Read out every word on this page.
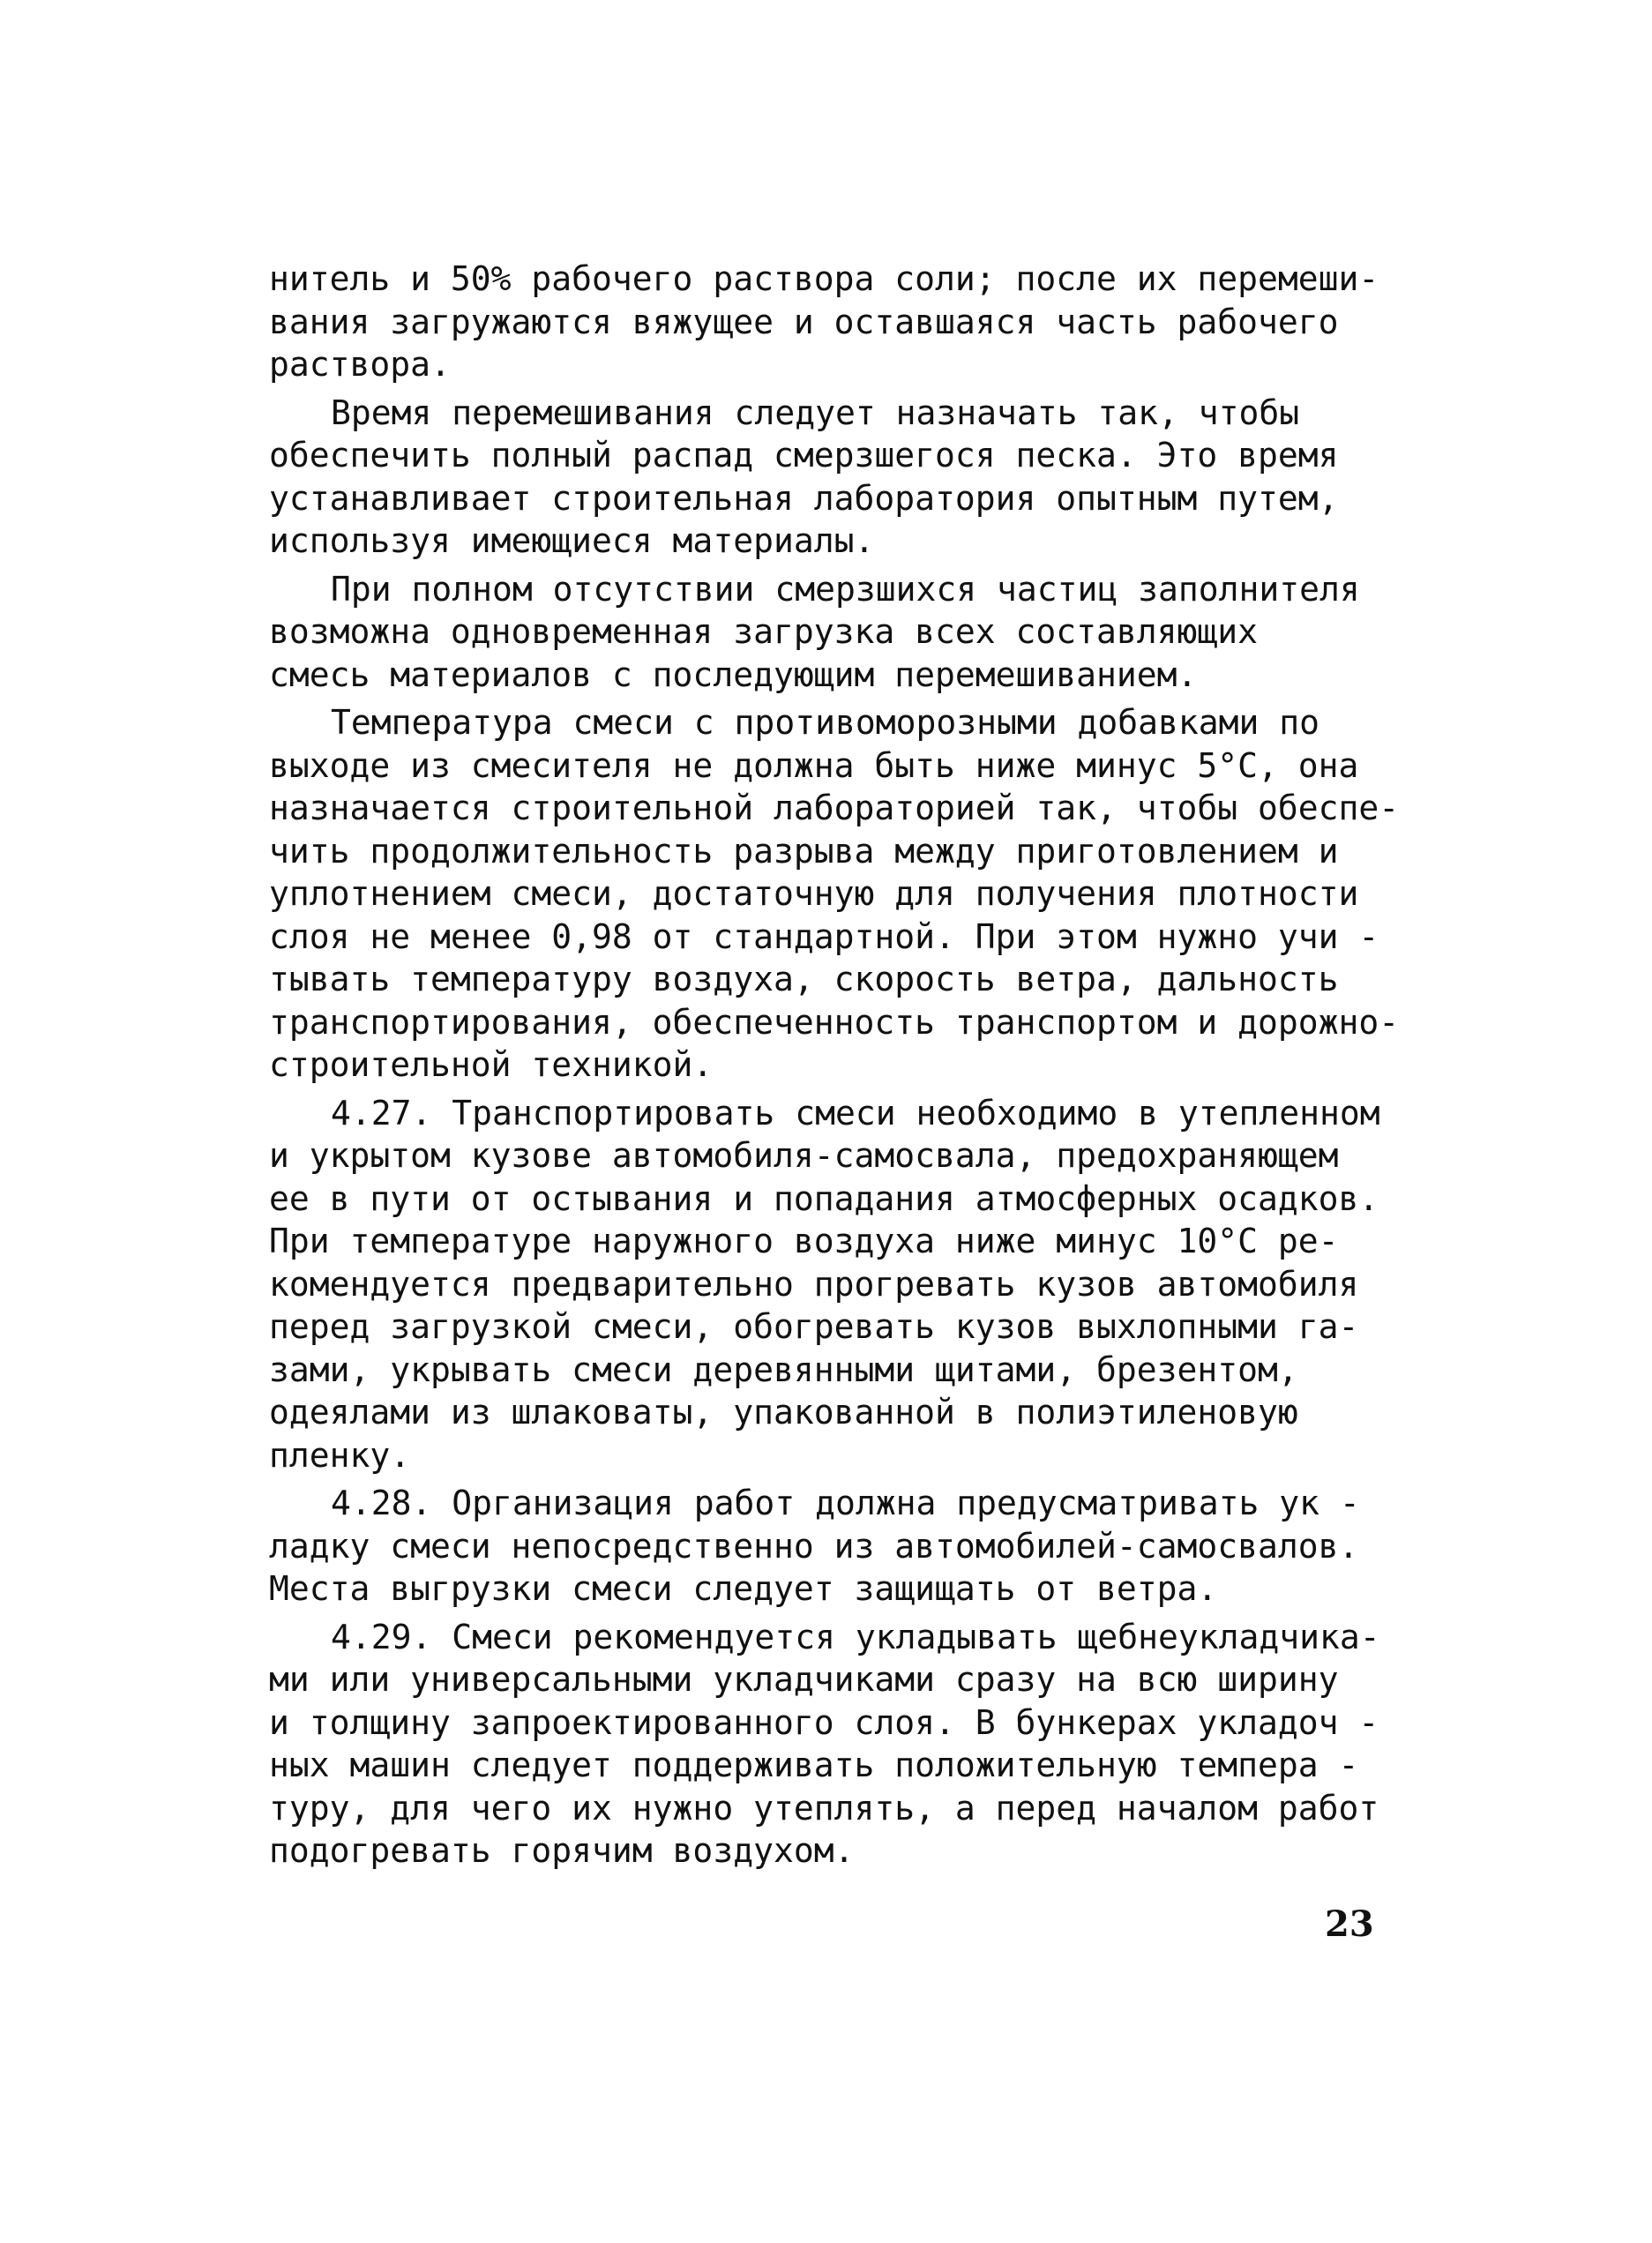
нитель и 50% рабочего раствора соли; после их перемеши-
вания загружаются вяжущее и оставшаяся часть рабочего
раствора.

Время перемешивания следует назначать так, чтобы
обеспечить полный распад смерзшегося песка. Это время
устанавливает строительная лаборатория опытным путем,
используя имеющиеся материалы.

При полном отсутствии смерзшихся частиц заполнителя
возможна одновременная загрузка всех составляющих
смесь материалов с последующим перемешиванием.

Температура смеси с противоморозными добавками по
выходе из смесителя не должна быть ниже минус 5°С, она
назначается строительной лабораторией так, чтобы обеспе-
чить продолжительность разрыва между приготовлением и
уплотнением смеси, достаточную для получения плотности
слоя не менее 0,98 от стандартной. При этом нужно учи -
тывать температуру воздуха, скорость ветра, дальность
транспортирования, обеспеченность транспортом и дорожно-
строительной техникой.

4.27. Транспортировать смеси необходимо в утепленном
и укрытом кузове автомобиля-самосвала, предохраняющем
ее в пути от остывания и попадания атмосферных осадков.
При температуре наружного воздуха ниже минус 10°С ре-
комендуется предварительно прогревать кузов автомобиля
перед загрузкой смеси, обогревать кузов выхлопными га-
зами, укрывать смеси деревянными щитами, брезентом,
одеялами из шлаковаты, упакованной в полиэтиленовую
пленку.

4.28. Организация работ должна предусматривать ук -
ладку смеси непосредственно из автомобилей-самосвалов.
Места выгрузки смеси следует защищать от ветра.

4.29. Смеси рекомендуется укладывать щебнеукладчика-
ми или универсальными укладчиками сразу на всю ширину
и толщину запроектированного слоя. В бункерах укладоч -
ных машин следует поддерживать положительную темпера -
туру, для чего их нужно утеплять, а перед началом работ
подогревать горячим воздухом.

23
